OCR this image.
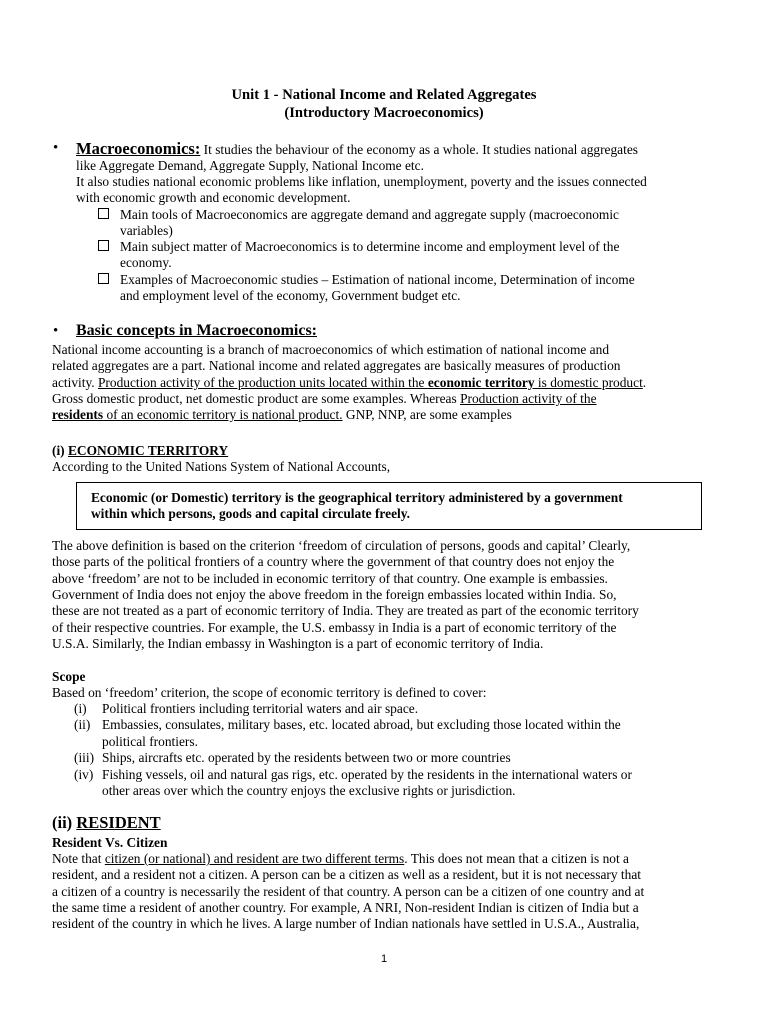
Unit 1 - National Income and Related Aggregates
(Introductory Macroeconomics)
• Macroeconomics: It studies the behaviour of the economy as a whole. It studies national aggregates
like Aggregate Demand, Aggregate Supply, National Income etc.
It also studies national economic problems like inflation, unemployment, poverty and the issues connected
with economic growth and economic development.
Main tools of Macroeconomics are aggregate demand and aggregate supply (macroeconomic
variables)
Main subject matter of Macroeconomics is to determine income and employment level of the
economy.
Examples of Macroeconomic studies – Estimation of national income, Determination of income
and employment level of the economy, Government budget etc.
• Basic concepts in Macroeconomics:
National income accounting is a branch of macroeconomics of which estimation of national income and
related aggregates are a part. National income and related aggregates are basically measures of production
activity. Production activity of the production units located within the economic territory is domestic product.
Gross domestic product, net domestic product are some examples. Whereas Production activity of the
residents of an economic territory is national product. GNP, NNP, are some examples
(i) ECONOMIC TERRITORY
According to the United Nations System of National Accounts,
Economic (or Domestic) territory is the geographical territory administered by a government
within which persons, goods and capital circulate freely.
The above definition is based on the criterion ‘freedom of circulation of persons, goods and capital’ Clearly,
those parts of the political frontiers of a country where the government of that country does not enjoy the
above ‘freedom’ are not to be included in economic territory of that country. One example is embassies.
Government of India does not enjoy the above freedom in the foreign embassies located within India. So,
these are not treated as a part of economic territory of India. They are treated as part of the economic territory
of their respective countries. For example, the U.S. embassy in India is a part of economic territory of the
U.S.A. Similarly, the Indian embassy in Washington is a part of economic territory of India.
Scope
Based on ‘freedom’ criterion, the scope of economic territory is defined to cover:
(i) Political frontiers including territorial waters and air space.
(ii) Embassies, consulates, military bases, etc. located abroad, but excluding those located within the
political frontiers.
(iii) Ships, aircrafts etc. operated by the residents between two or more countries
(iv) Fishing vessels, oil and natural gas rigs, etc. operated by the residents in the international waters or
other areas over which the country enjoys the exclusive rights or jurisdiction.
(ii) RESIDENT
Resident Vs. Citizen
Note that citizen (or national) and resident are two different terms. This does not mean that a citizen is not a
resident, and a resident not a citizen. A person can be a citizen as well as a resident, but it is not necessary that
a citizen of a country is necessarily the resident of that country. A person can be a citizen of one country and at
the same time a resident of another country. For example, A NRI, Non-resident Indian is citizen of India but a
resident of the country in which he lives. A large number of Indian nationals have settled in U.S.A., Australia,
1
